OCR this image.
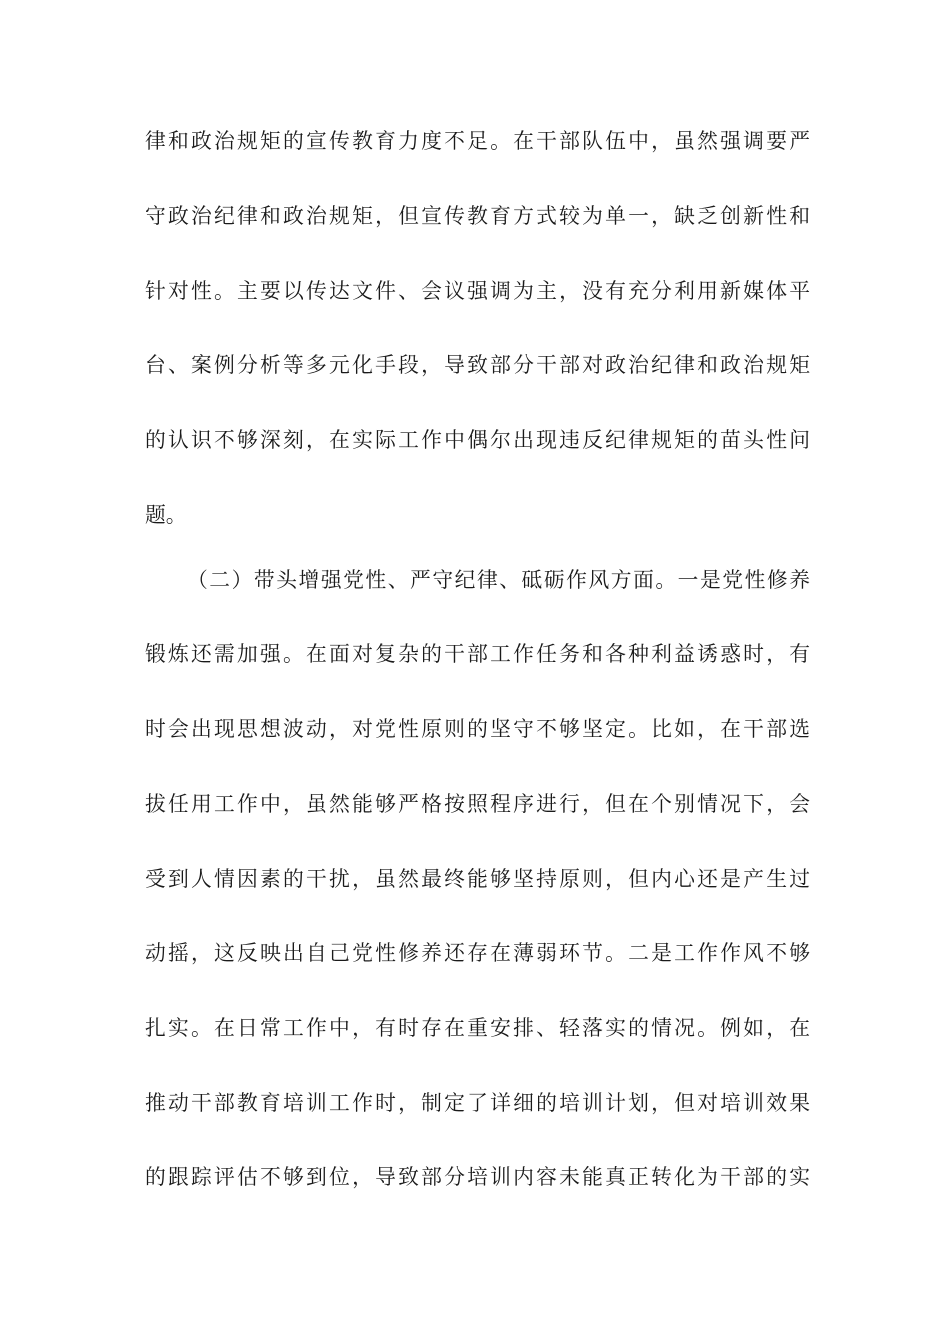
律和政治规矩的宣传教育力度不足。在干部队伍中，虽然强调要严
守政治纪律和政治规矩，但宣传教育方式较为单一，缺乏创新性和
针对性。主要以传达文件、会议强调为主，没有充分利用新媒体平
台、案例分析等多元化手段，导致部分干部对政治纪律和政治规矩
的认识不够深刻，在实际工作中偶尔出现违反纪律规矩的苗头性问
题。
（二）带头增强党性、严守纪律、砥砺作风方面。一是党性修养
锻炼还需加强。在面对复杂的干部工作任务和各种利益诱惑时，有
时会出现思想波动，对党性原则的坚守不够坚定。比如，在干部选
拔任用工作中，虽然能够严格按照程序进行，但在个别情况下，会
受到人情因素的干扰，虽然最终能够坚持原则，但内心还是产生过
动摇，这反映出自己党性修养还存在薄弱环节。二是工作作风不够
扎实。在日常工作中，有时存在重安排、轻落实的情况。例如，在
推动干部教育培训工作时，制定了详细的培训计划，但对培训效果
的跟踪评估不够到位，导致部分培训内容未能真正转化为干部的实
